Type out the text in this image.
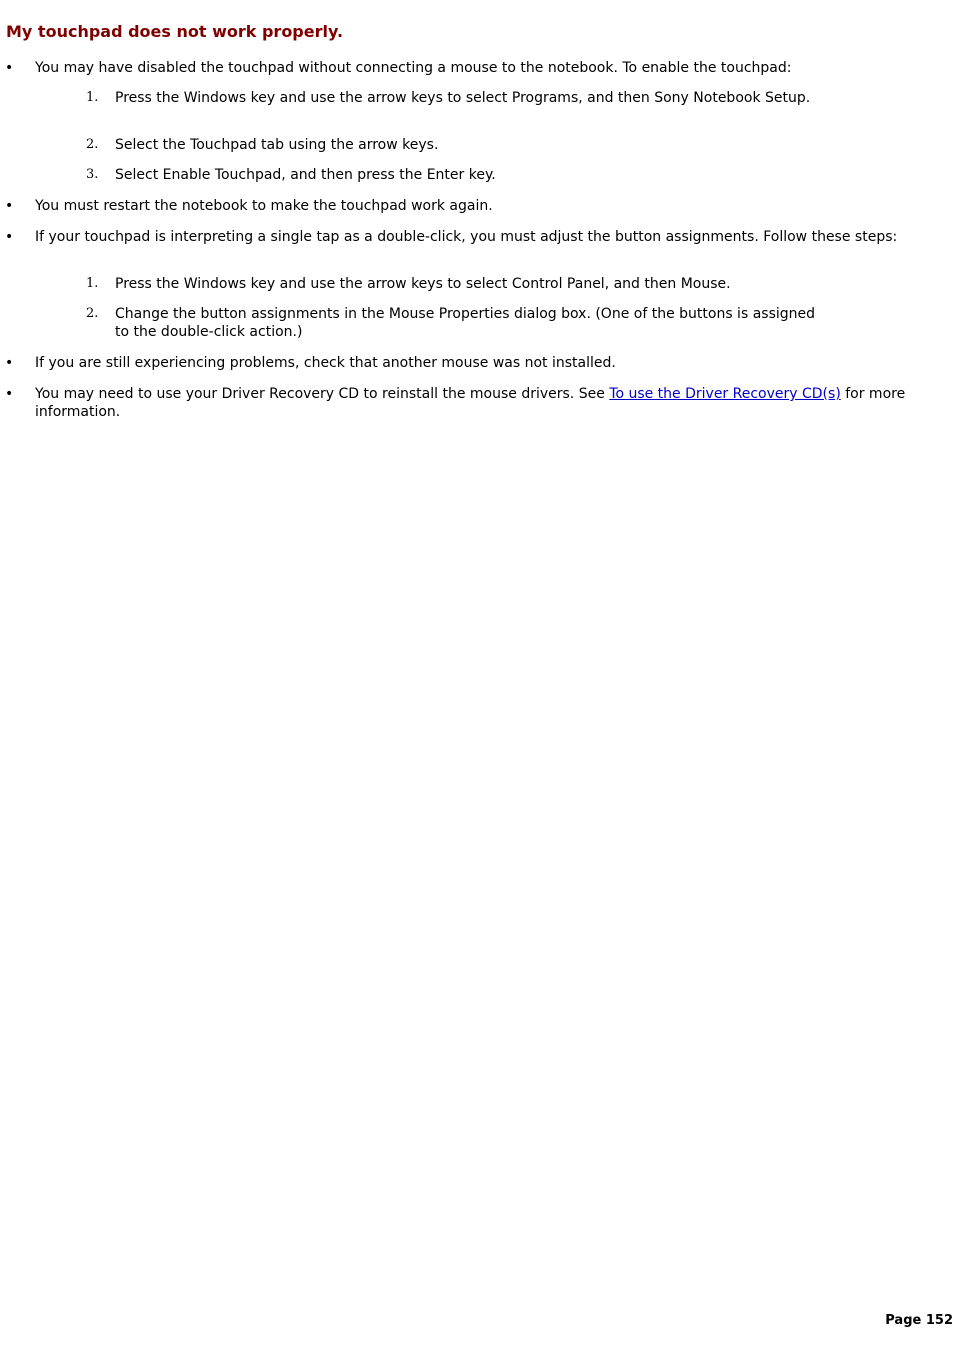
My touchpad does not work properly.
• You may have disabled the touchpad without connecting a mouse to the notebook. To enable the touchpad:
1. Press the Windows key and use the arrow keys to select Programs, and then Sony Notebook Setup.
2. Select the Touchpad tab using the arrow keys.
3. Select Enable Touchpad, and then press the Enter key.
• You must restart the notebook to make the touchpad work again.
• If your touchpad is interpreting a single tap as a double-click, you must adjust the button assignments. Follow these steps:
1. Press the Windows key and use the arrow keys to select Control Panel, and then Mouse.
2. Change the button assignments in the Mouse Properties dialog box. (One of the buttons is assigned to the double-click action.)
• If you are still experiencing problems, check that another mouse was not installed.
• You may need to use your Driver Recovery CD to reinstall the mouse drivers. See To use the Driver Recovery CD(s) for more information.
Page 152
